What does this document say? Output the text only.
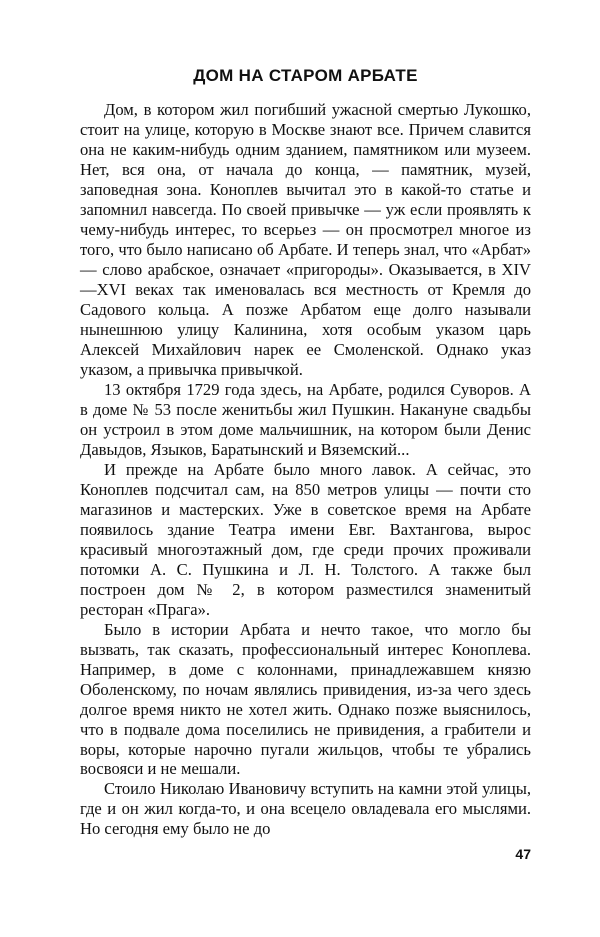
ДОМ НА СТАРОМ АРБАТЕ

Дом, в котором жил погибший ужасной смертью Лукошко, стоит на улице, которую в Москве знают все. Причем славится она не каким-нибудь одним зданием, памятником или музеем. Нет, вся она, от начала до конца, — памятник, музей, заповедная зона. Коноплев вычитал это в какой-то статье и запомнил навсегда. По своей привычке — уж если проявлять к чему-нибудь интерес, то всерьез — он просмотрел многое из того, что было написано об Арбате. И теперь знал, что «Арбат» — слово арабское, означает «пригороды». Оказывается, в XIV—XVI веках так именовалась вся местность от Кремля до Садового кольца. А позже Арбатом еще долго называли нынешнюю улицу Калинина, хотя особым указом царь Алексей Михайлович нарек ее Смоленской. Однако указ указом, а привычка привычкой.

13 октября 1729 года здесь, на Арбате, родился Суворов. А в доме № 53 после женитьбы жил Пушкин. Накануне свадьбы он устроил в этом доме мальчишник, на котором были Денис Давыдов, Языков, Баратынский и Вяземский...

И прежде на Арбате было много лавок. А сейчас, это Коноплев подсчитал сам, на 850 метров улицы — почти сто магазинов и мастерских. Уже в советское время на Арбате появилось здание Театра имени Евг. Вахтангова, вырос красивый многоэтажный дом, где среди прочих проживали потомки А. С. Пушкина и Л. Н. Толстого. А также был построен дом № 2, в котором разместился знаменитый ресторан «Прага».

Было в истории Арбата и нечто такое, что могло бы вызвать, так сказать, профессиональный интерес Коноплева. Например, в доме с колоннами, принадлежавшем князю Оболенскому, по ночам являлись привидения, из-за чего здесь долгое время никто не хотел жить. Однако позже выяснилось, что в подвале дома поселились не привидения, а грабители и воры, которые нарочно пугали жильцов, чтобы те убрались восвояси и не мешали.

Стоило Николаю Ивановичу вступить на камни этой улицы, где и он жил когда-то, и она всецело овладевала его мыслями. Но сегодня ему было не до

47
